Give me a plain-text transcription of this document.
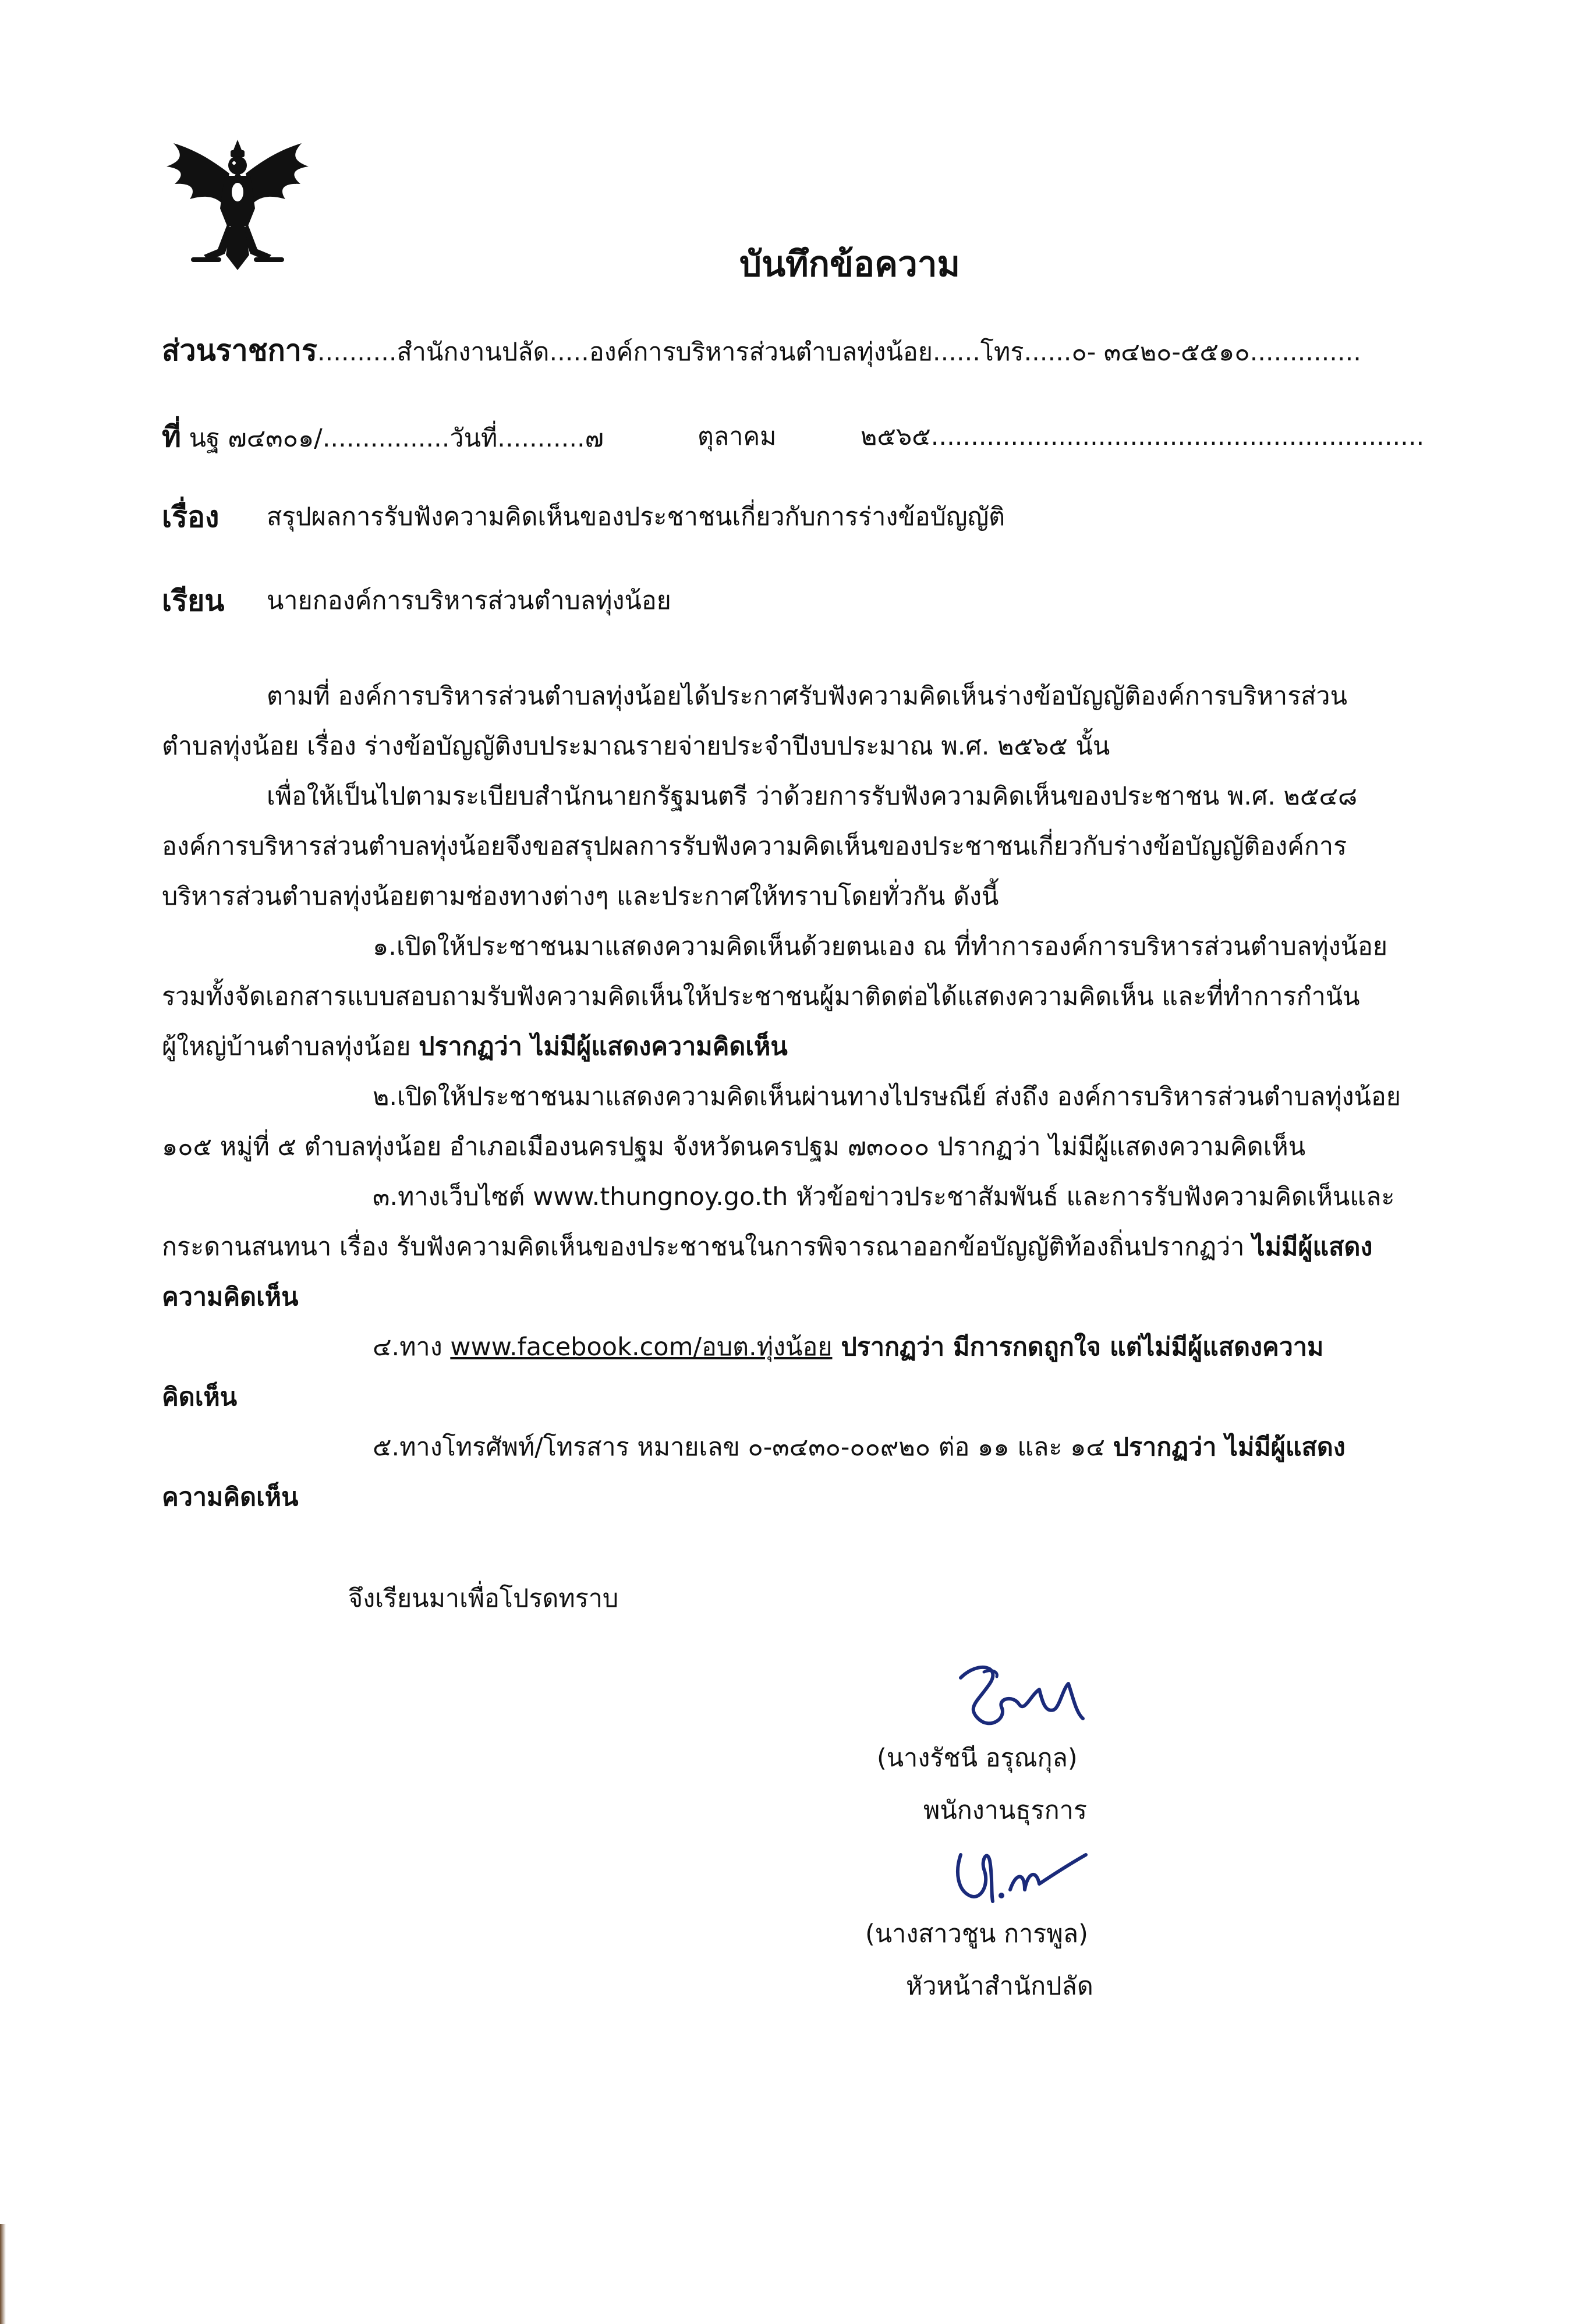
บันทึกข้อความ
ส่วนราชการ..........สำนักงานปลัด.....องค์การบริหารส่วนตำบลทุ่งน้อย......โทร......๐- ๓๔๒๐-๕๕๑๐..............
ที่ นฐ ๗๔๓๐๑/................วันที่...........๗	ตุลาคม	๒๕๖๕..............................................................
เรื่อง สรุปผลการรับฟังความคิดเห็นของประชาชนเกี่ยวกับการร่างข้อบัญญัติ
เรียน นายกองค์การบริหารส่วนตำบลทุ่งน้อย
ตามที่ องค์การบริหารส่วนตำบลทุ่งน้อยได้ประกาศรับฟังความคิดเห็นร่างข้อบัญญัติองค์การบริหารส่วน
ตำบลทุ่งน้อย เรื่อง ร่างข้อบัญญัติงบประมาณรายจ่ายประจำปีงบประมาณ พ.ศ. ๒๕๖๕ นั้น
เพื่อให้เป็นไปตามระเบียบสำนักนายกรัฐมนตรี ว่าด้วยการรับฟังความคิดเห็นของประชาชน พ.ศ. ๒๕๔๘
องค์การบริหารส่วนตำบลทุ่งน้อยจึงขอสรุปผลการรับฟังความคิดเห็นของประชาชนเกี่ยวกับร่างข้อบัญญัติองค์การ
บริหารส่วนตำบลทุ่งน้อยตามช่องทางต่างๆ และประกาศให้ทราบโดยทั่วกัน ดังนี้
๑.เปิดให้ประชาชนมาแสดงความคิดเห็นด้วยตนเอง ณ ที่ทำการองค์การบริหารส่วนตำบลทุ่งน้อย
รวมทั้งจัดเอกสารแบบสอบถามรับฟังความคิดเห็นให้ประชาชนผู้มาติดต่อได้แสดงความคิดเห็น และที่ทำการกำนัน
ผู้ใหญ่บ้านตำบลทุ่งน้อย ปรากฏว่า ไม่มีผู้แสดงความคิดเห็น
๒.เปิดให้ประชาชนมาแสดงความคิดเห็นผ่านทางไปรษณีย์ ส่งถึง องค์การบริหารส่วนตำบลทุ่งน้อย
๑๐๕ หมู่ที่ ๕ ตำบลทุ่งน้อย อำเภอเมืองนครปฐม จังหวัดนครปฐม ๗๓๐๐๐ ปรากฏว่า ไม่มีผู้แสดงความคิดเห็น
๓.ทางเว็บไซต์ www.thungnoy.go.th หัวข้อข่าวประชาสัมพันธ์ และการรับฟังความคิดเห็นและ
กระดานสนทนา เรื่อง รับฟังความคิดเห็นของประชาชนในการพิจารณาออกข้อบัญญัติท้องถิ่นปรากฏว่า ไม่มีผู้แสดง
ความคิดเห็น
๔.ทาง www.facebook.com/อบต.ทุ่งน้อย ปรากฏว่า มีการกดถูกใจ แต่ไม่มีผู้แสดงความ
คิดเห็น
๕.ทางโทรศัพท์/โทรสาร หมายเลข ๐-๓๔๓๐-๐๐๙๒๐ ต่อ ๑๑ และ ๑๔ ปรากฏว่า ไม่มีผู้แสดง
ความคิดเห็น
จึงเรียนมาเพื่อโปรดทราบ
(นางรัชนี อรุณกุล)
พนักงานธุรการ
(นางสาวชูน การพูล)
หัวหน้าสำนักปลัด
